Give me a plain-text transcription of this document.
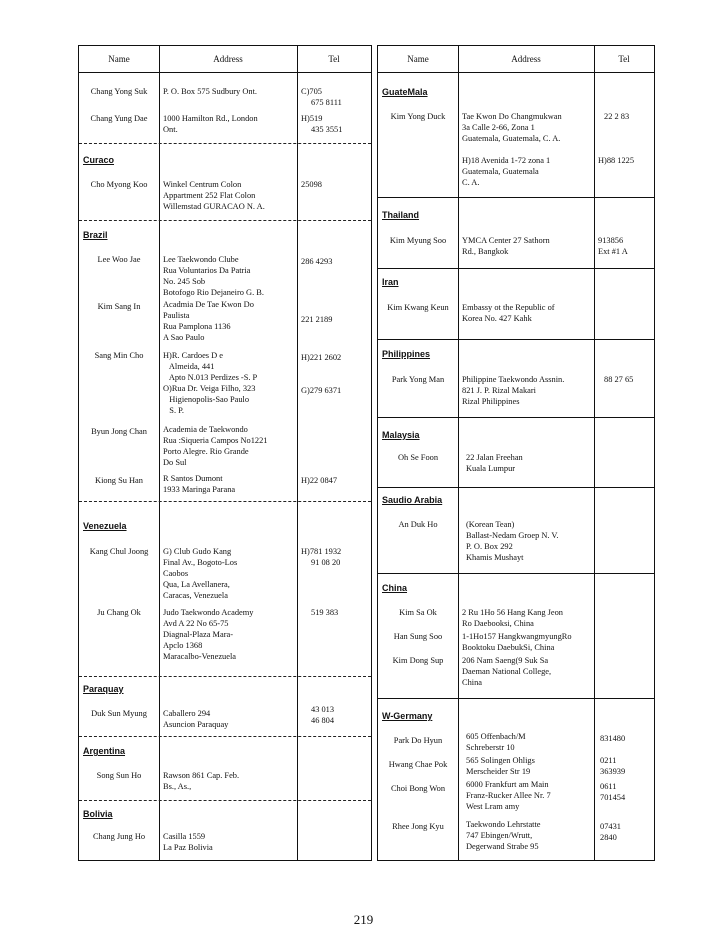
Name	Address	Tel
Chang Yong Suk	P. O. Box 575 Sudbury Ont.	C)705
675 8111
Chang Yung Dae	1000 Hamilton Rd., London
Ont.
H)519
435 3551
Curaco
Cho Myong Koo	Winkel Centrum Colon
Appartment 252 Flat Colon
Willemstad GURACAO N. A.
25098
Brazil
Lee Woo Jae	Lee Taekwondo Clube
Rua Voluntarios Da Patria
No. 245 Sob
Botofogo Rio Dejaneiro G. B.
286 4293
Kim Sang In	Acadmia De Tae Kwon Do
Paulista
Rua Pamplona 1136
A Sao Paulo
221 2189
Sang Min Cho	H)R. Cardoes D e
Almeida, 441
Apto N.013 Perdizes -S. P
O)Rua Dr. Veiga Filho, 323
Higienopolis-Sao Paulo
S. P.
H)221 2602
G)279 6371
Byun Jong Chan	Academia de Taekwondo
Rua :Siqueria Campos No1221
Porto Alegre. Rio Grande
Do Sul
Kiong Su Han	R Santos Dumont
1933 Maringa Parana
H)22 0847
Venezuela
Kang Chul Joong	G) Club Gudo Kang
Final Av., Bogoto-Los
Caobos
Qua, La Avellanera,
Caracas, Venezuela
H)781 1932
91 08 20
Ju Chang Ok	Judo Taekwondo Academy
Avd A 22 No 65-75
Diagnal-Plaza Mara-
Apclo 1368
Maracalbo-Venezuela
519 383
Paraquay
Duk Sun Myung	Caballero 294
Asuncion Paraquay
43 013
46 804
Argentina
Song Sun Ho	Rawson 861 Cap. Feb.
Bs., As.,
Bolivia
Chang Jung Ho	Casilla 1559
La Paz Bolivia
Name	Address	Tel
GuateMala
Kim Yong Duck	Tae Kwon Do Changmukwan
3a Calle 2-66, Zona 1
Guatemala, Guatemala, C. A.
H)18 Avenida 1-72 zona 1
Guatemala, Guatemala
C. A.
22 2 83
H)88 1225
Thailand
Kim Myung Soo	YMCA Center 27 Sathorn
Rd., Bangkok
913856
Ext #1 A
Iran
Kim Kwang Keun	Embassy ot the Republic of
Korea No. 427 Kahk
Philippines
Park Yong Man	Philippine Taekwondo Assnin.
821 J. P. Rizal Makari
Rizal Philippines
88 27 65
Malaysia
Oh Se Foon	22 Jalan Freehan
Kuala Lumpur
Saudio Arabia
An Duk Ho	(Korean Tean)
Ballast-Nedam Groep N. V.
P. O. Box 292
Khamis Mushayt
China
Kim Sa Ok	2 Ru 1Ho 56 Hang Kang Jeon
Ro Daebooksi, China
Han Sung Soo	1-1Ho157 HangkwangmyungRo
Booktoku DaebukSi, China
Kim Dong Sup	206 Nam Saeng(9 Suk Sa
Daeman National College,
China
W-Germany
Park Do Hyun	605 Offenbach/M
Schreberstr 10
831480
Hwang Chae Pok	565 Solingen Ohligs
Merscheider Str 19
0211
363939
Choi Bong Won	6000 Frankfurt am Main
Franz-Rucker Allee Nr. 7
West Lram amy
0611
701454
Rhee Jong Kyu	Taekwondo Lehrstatte
747 Ebingen/Wrutt,
Degerwand Strabe 95
07431
2840
219
